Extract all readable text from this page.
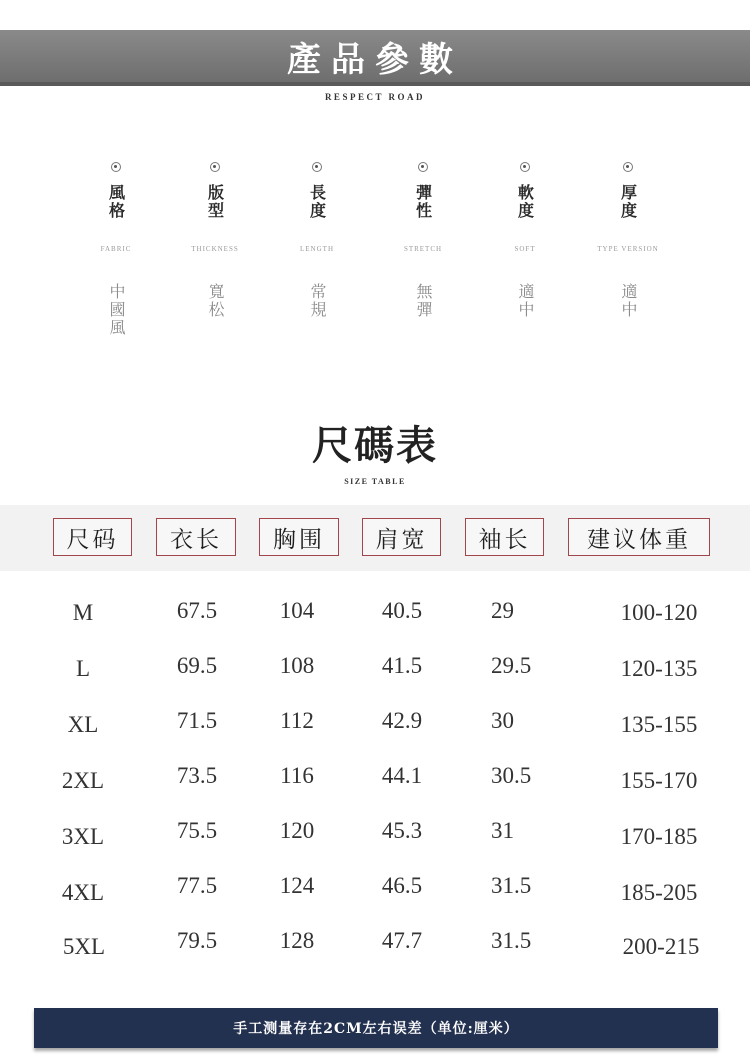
產品參數
RESPECT ROAD
風格
FABRIC
中國風
版型
THICKNESS
寬松
長度
LENGTH
常規
彈性
STRETCH
無彈
軟度
SOFT
適中
厚度
TYPE VERSION
適中
尺碼表
SIZE TABLE
尺码	衣长	胸围	肩宽	袖长	建议体重
M	67.5	104	40.5	29	100-120
L	69.5	108	41.5	29.5	120-135
XL	71.5	112	42.9	30	135-155
2XL	73.5	116	44.1	30.5	155-170
3XL	75.5	120	45.3	31	170-185
4XL	77.5	124	46.5	31.5	185-205
5XL	79.5	128	47.7	31.5	200-215
手工测量存在2CM左右误差（单位:厘米）
